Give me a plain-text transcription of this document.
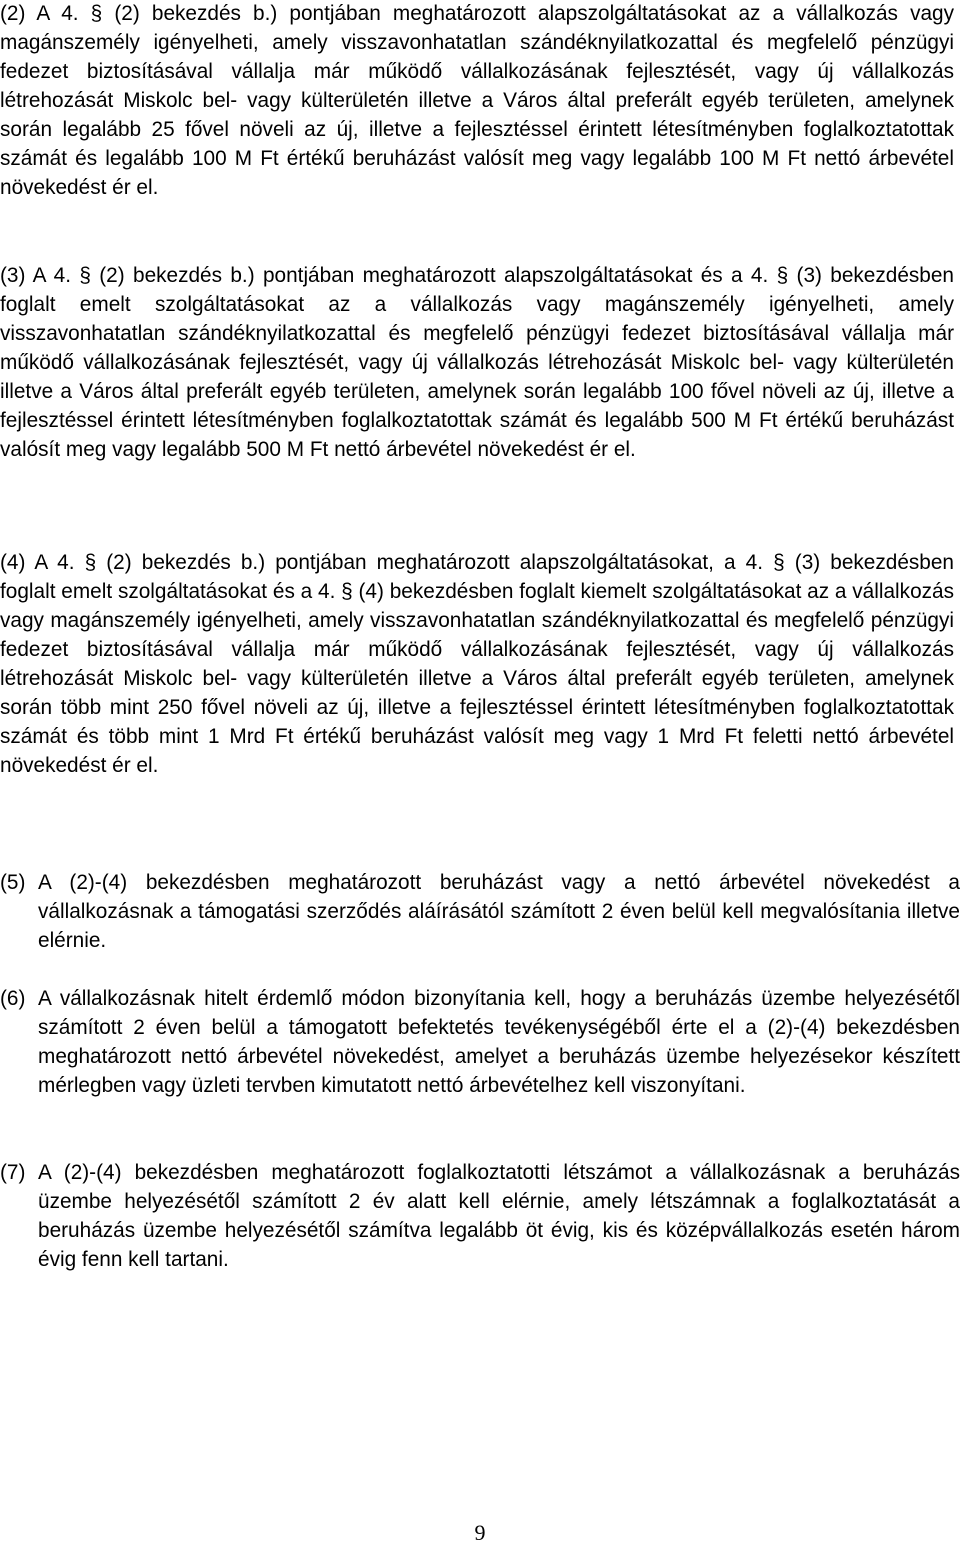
(2) A 4. § (2) bekezdés b.) pontjában meghatározott alapszolgáltatásokat az a vállalkozás vagy magánszemély igényelheti, amely visszavonhatatlan szándéknyilatkozattal és megfelelő pénzügyi fedezet biztosításával vállalja már működő vállalkozásának fejlesztését, vagy új vállalkozás létrehozását Miskolc bel- vagy külterületén illetve a Város által preferált egyéb területen, amelynek során legalább 25 fővel növeli az új, illetve a fejlesztéssel érintett létesítményben foglalkoztatottak számát és legalább 100 M Ft értékű beruházást valósít meg vagy legalább 100 M Ft nettó árbevétel növekedést ér el.
(3) A 4. § (2) bekezdés b.) pontjában meghatározott alapszolgáltatásokat és a 4. § (3) bekezdésben foglalt emelt szolgáltatásokat az a vállalkozás vagy magánszemély igényelheti, amely visszavonhatatlan szándéknyilatkozattal és megfelelő pénzügyi fedezet biztosításával vállalja már működő vállalkozásának fejlesztését, vagy új vállalkozás létrehozását Miskolc bel- vagy külterületén illetve a Város által preferált egyéb területen, amelynek során legalább 100 fővel növeli az új, illetve a fejlesztéssel érintett létesítményben foglalkoztatottak számát és legalább 500 M Ft értékű beruházást valósít meg vagy legalább 500 M Ft nettó árbevétel növekedést ér el.
(4) A 4. § (2) bekezdés b.) pontjában meghatározott alapszolgáltatásokat, a 4. § (3) bekezdésben foglalt emelt szolgáltatásokat és a 4. § (4) bekezdésben foglalt kiemelt szolgáltatásokat az a vállalkozás vagy magánszemély igényelheti, amely visszavonhatatlan szándéknyilatkozattal és megfelelő pénzügyi fedezet biztosításával vállalja már működő vállalkozásának fejlesztését, vagy új vállalkozás létrehozását Miskolc bel- vagy külterületén illetve a Város által preferált egyéb területen, amelynek során több mint 250 fővel növeli az új, illetve a fejlesztéssel érintett létesítményben foglalkoztatottak számát és több mint 1 Mrd Ft értékű beruházást valósít meg vagy 1 Mrd Ft feletti nettó árbevétel növekedést ér el.
(5) A (2)-(4) bekezdésben meghatározott beruházást vagy a nettó árbevétel növekedést a vállalkozásnak a támogatási szerződés aláírásától számított 2 éven belül kell megvalósítania illetve elérnie.
(6) A vállalkozásnak hitelt érdemlő módon bizonyítania kell, hogy a beruházás üzembe helyezésétől számított 2 éven belül a támogatott befektetés tevékenységéből érte el a (2)-(4) bekezdésben meghatározott nettó árbevétel növekedést, amelyet a beruházás üzembe helyezésekor készített mérlegben vagy üzleti tervben kimutatott nettó árbevételhez kell viszonyítani.
(7) A (2)-(4) bekezdésben meghatározott foglalkoztatotti létszámot a vállalkozásnak a beruházás üzembe helyezésétől számított 2 év alatt kell elérnie, amely létszámnak a foglalkoztatását a beruházás üzembe helyezésétől számítva legalább öt évig, kis és középvállalkozás esetén három évig fenn kell tartani.
9
